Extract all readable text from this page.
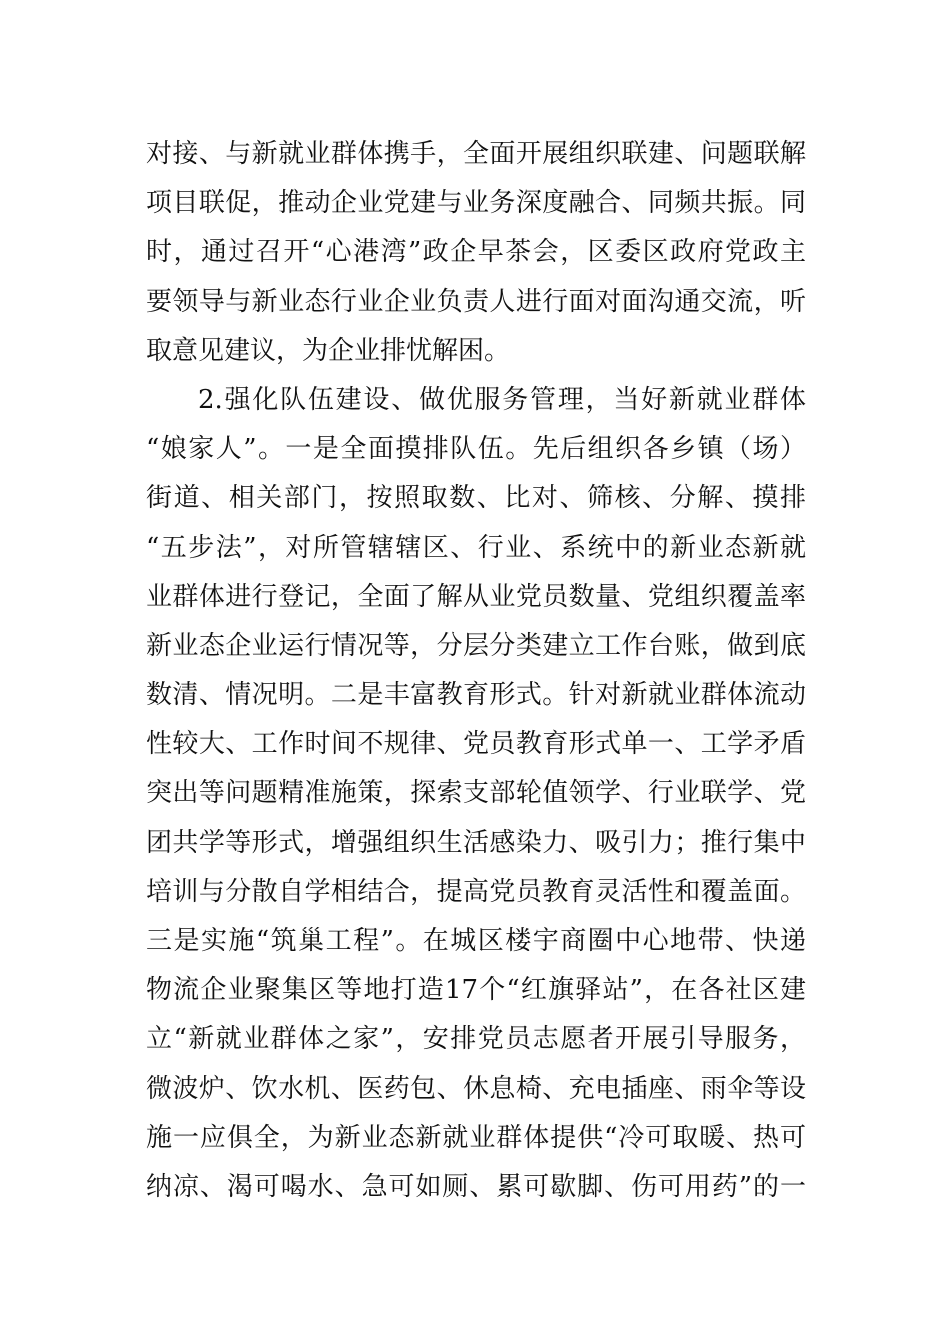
对接、与新就业群体携手，全面开展组织联建、问题联解
项目联促，推动企业党建与业务深度融合、同频共振。同
时，通过召开“心港湾”政企早茶会，区委区政府党政主
要领导与新业态行业企业负责人进行面对面沟通交流，听
取意见建议，为企业排忧解困。
2.强化队伍建设、做优服务管理，当好新就业群体
“娘家人”。一是全面摸排队伍。先后组织各乡镇（场）
街道、相关部门，按照取数、比对、筛核、分解、摸排
“五步法”，对所管辖辖区、行业、系统中的新业态新就
业群体进行登记，全面了解从业党员数量、党组织覆盖率
新业态企业运行情况等，分层分类建立工作台账，做到底
数清、情况明。二是丰富教育形式。针对新就业群体流动
性较大、工作时间不规律、党员教育形式单一、工学矛盾
突出等问题精准施策，探索支部轮值领学、行业联学、党
团共学等形式，增强组织生活感染力、吸引力；推行集中
培训与分散自学相结合，提高党员教育灵活性和覆盖面。
三是实施“筑巢工程”。在城区楼宇商圈中心地带、快递
物流企业聚集区等地打造17个“红旗驿站”，在各社区建
立“新就业群体之家”，安排党员志愿者开展引导服务，
微波炉、饮水机、医药包、休息椅、充电插座、雨伞等设
施一应俱全，为新业态新就业群体提供“冷可取暖、热可
纳凉、渴可喝水、急可如厕、累可歇脚、伤可用药”的一
